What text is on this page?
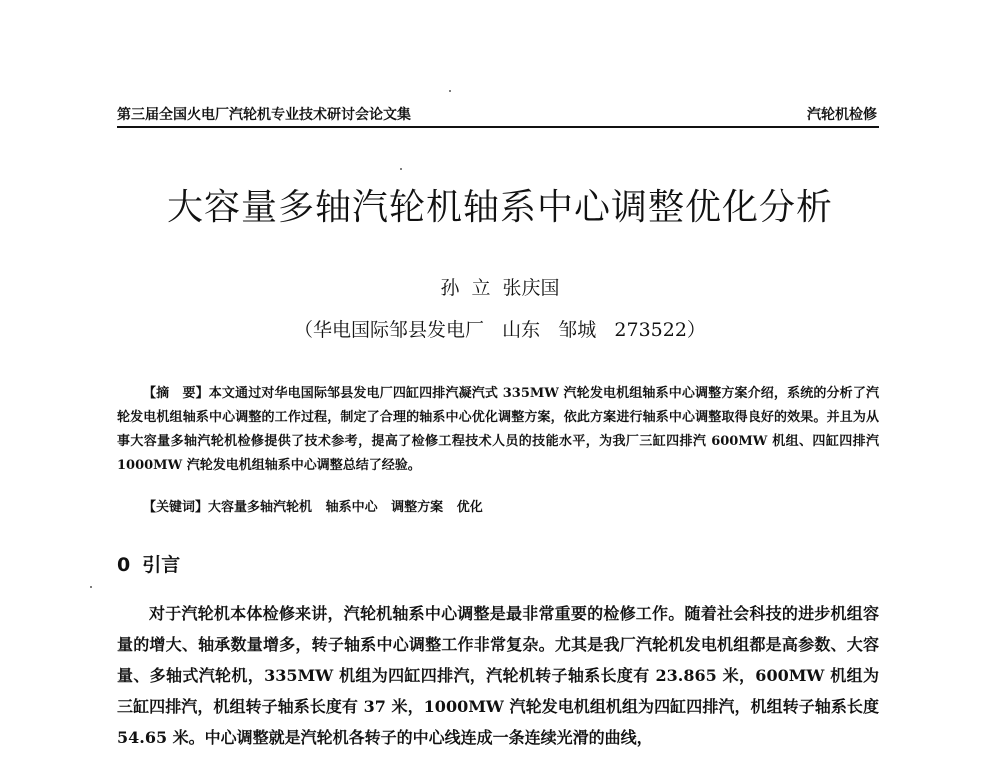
第三届全国火电厂汽轮机专业技术研讨会论文集	汽轮机检修
大容量多轴汽轮机轴系中心调整优化分析
孙 立 张庆国
（华电国际邹县发电厂   山东   邹城   273522）
【摘　要】本文通过对华电国际邹县发电厂四缸四排汽凝汽式 335MW 汽轮发电机组轴系中心调整方案介绍，系统的分析了汽轮发电机组轴系中心调整的工作过程，制定了合理的轴系中心优化调整方案，依此方案进行轴系中心调整取得良好的效果。并且为从事大容量多轴汽轮机检修提供了技术参考，提高了检修工程技术人员的技能水平，为我厂三缸四排汽 600MW 机组、四缸四排汽 1000MW 汽轮发电机组轴系中心调整总结了经验。
【关键词】大容量多轴汽轮机   轴系中心   调整方案   优化
0 引言

对于汽轮机本体检修来讲，汽轮机轴系中心调整是最非常重要的检修工作。随着社会科技的进步机组容量的增大、轴承数量增多，转子轴系中心调整工作非常复杂。尤其是我厂汽轮机发电机组都是高参数、大容量、多轴式汽轮机，335MW 机组为四缸四排汽，汽轮机转子轴系长度有 23.865 米，600MW 机组为三缸四排汽，机组转子轴系长度有 37 米，1000MW 汽轮发电机组机组为四缸四排汽，机组转子轴系长度 54.65 米。中心调整就是汽轮机各转子的中心线连成一条连续光滑的曲线，
